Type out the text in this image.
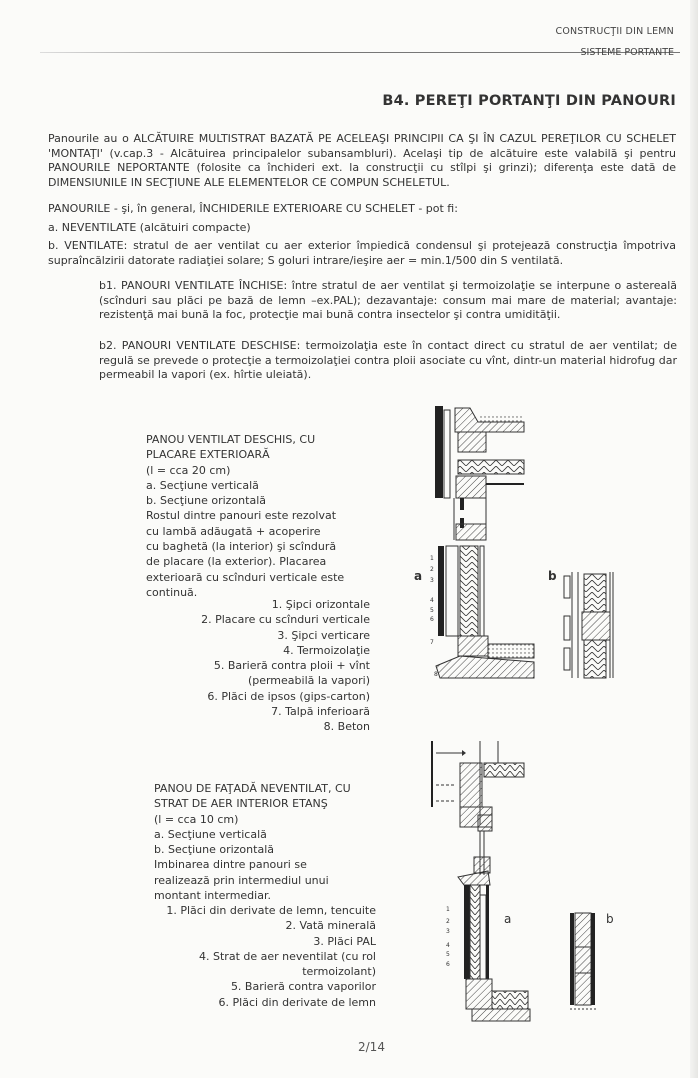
CONSTRUCŢII DIN LEMN
SISTEME PORTANTE
B4. PEREŢI PORTANŢI DIN PANOURI
Panourile au o ALCĂTUIRE MULTISTRAT BAZATĂ PE ACELEAŞI PRINCIPII CA ŞI ÎN CAZUL PEREŢILOR CU SCHELET 'MONTAŢI' (v.cap.3 - Alcătuirea principalelor subansambluri). Acelaşi tip de alcătuire este valabilă şi pentru PANOURILE NEPORTANTE (folosite ca închideri ext. la construcţii cu stîlpi şi grinzi); diferenţa este dată de DIMENSIUNILE IN SECŢIUNE ALE ELEMENTELOR CE COMPUN SCHELETUL.
PANOURILE - şi, în general, ÎNCHIDERILE EXTERIOARE CU SCHELET - pot fi:
a. NEVENTILATE (alcătuiri compacte)
b. VENTILATE: stratul de aer ventilat cu aer exterior împiedică condensul şi protejează construcţia împotriva supraîncălzirii datorate radiaţiei solare; S goluri intrare/ieşire aer = min.1/500 din S ventilată.
b1. PANOURI VENTILATE ÎNCHISE: între stratul de aer ventilat şi termoizolaţie se interpune o astereală (scînduri sau plăci pe bază de lemn –ex.PAL); dezavantaje: consum mai mare de material; avantaje: rezistenţă mai bună la foc, protecţie mai bună contra insectelor şi contra umidităţii.
b2. PANOURI VENTILATE DESCHISE: termoizolaţia este în contact direct cu stratul de aer ventilat; de regulă se prevede o protecţie a termoizolaţiei contra ploii asociate cu vînt, dintr-un material hidrofug dar permeabil la vapori (ex. hîrtie uleiată).
PANOU VENTILAT DESCHIS, CU
PLACARE EXTERIOARĂ
(l = cca 20 cm)
a. Secţiune verticală
b. Secţiune orizontală
Rostul dintre panouri este rezolvat
cu lambă adăugată + acoperire
cu baghetă (la interior) şi scîndură
de placare (la exterior). Placarea
exterioară cu scînduri verticale este
continuă.
1. Şipci orizontale
2. Placare cu scînduri verticale
3. Şipci verticare
4. Termoizolaţie
5. Barieră contra ploii + vînt
(permeabilă la vapori)
6. Plăci de ipsos (gips-carton)
7. Talpă inferioară
8. Beton
a
1
2
3
4
5
6
7
8
b
PANOU DE FAŢADĂ NEVENTILAT, CU
STRAT DE AER INTERIOR ETANŞ
(l = cca 10 cm)
a. Secţiune verticală
b. Secţiune orizontală
Imbinarea dintre panouri se
realizează prin intermediul unui
montant intermediar.
1. Plăci din derivate de lemn, tencuite
2. Vată minerală
3. Plăci PAL
4. Strat de aer neventilat (cu rol
termoizolant)
5. Barieră contra vaporilor
6. Plăci din derivate de lemn
a
1
2
3
4
5
6
b
2/14
